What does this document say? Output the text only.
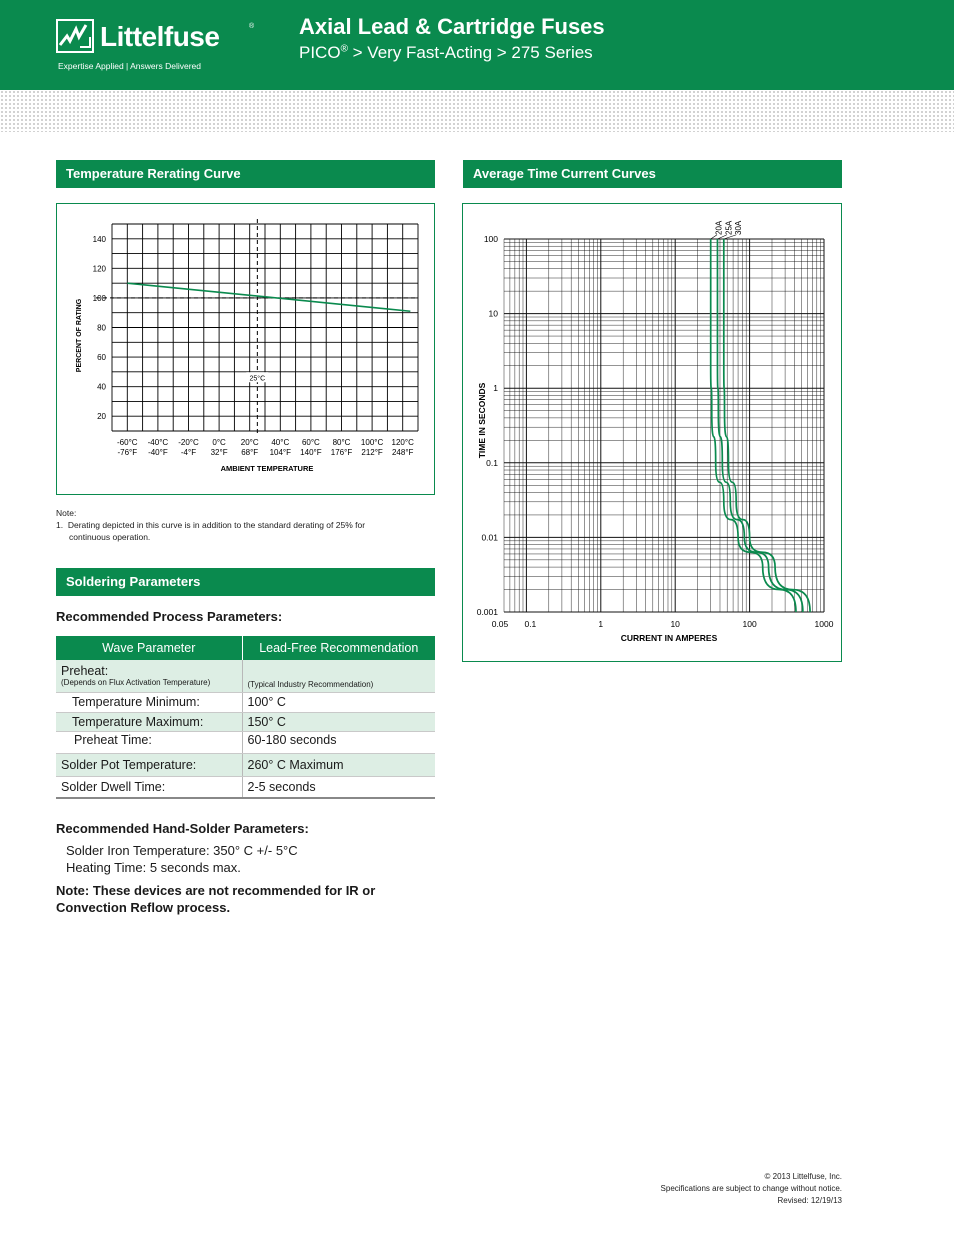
Littelfuse	®
Expertise Applied | Answers Delivered
Axial Lead & Cartridge Fuses
PICO® > Very Fast-Acting > 275 Series
Temperature Rerating Curve
25°C
20
40
60
80
100
120
140
-60°C
-76°F
-40°C
-40°F
-20°C
-4°F
0°C
32°F
20°C
68°F
40°C
104°F
60°C
140°F
80°C
176°F
100°C
212°F
120°C
248°F
AMBIENT TEMPERATURE
PERCENT OF RATING
Note:
1. Derating depicted in this curve is in addition to the standard derating of 25% for
continuous operation.
Soldering Parameters
Recommended Process Parameters:
Wave Parameter	Lead-Free Recommendation

Preheat:
(Depends on Flux Activation Temperature)	(Typical Industry Recommendation)

Temperature Minimum:	100° C
Temperature Maximum:	150° C
Preheat Time:	60-180 seconds
Solder Pot Temperature:	260° C Maximum
Solder Dwell Time:	2-5 seconds
Recommended Hand-Solder Parameters:
Solder Iron Temperature: 350° C +/- 5°C
Heating Time: 5 seconds max.
Note: These devices are not recommended for IR or Convection Reflow process.
Average Time Current Curves
0.001
0.01
0.1
1
10
100
0.05 0.1	1	10	100	1000
CURRENT IN AMPERES
TIME IN SECONDS
20A 25A 30A
© 2013 Littelfuse, Inc.
Specifications are subject to change without notice.
Revised: 12/19/13
